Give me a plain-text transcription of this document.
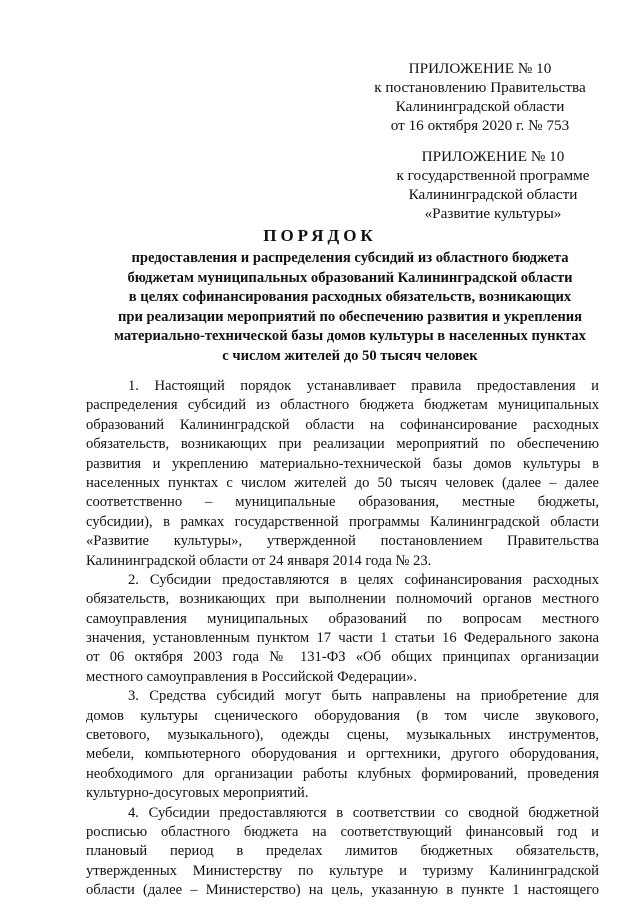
ПРИЛОЖЕНИЕ № 10
к постановлению Правительства
Калининградской области
от 16 октября 2020 г. № 753
ПРИЛОЖЕНИЕ № 10
к государственной программе
Калининградской области
«Развитие культуры»
ПОРЯДОК
предоставления и распределения субсидий из областного бюджета
бюджетам муниципальных образований Калининградской области
в целях софинансирования расходных обязательств, возникающих
при реализации мероприятий по обеспечению развития и укрепления
материально-технической базы домов культуры в населенных пунктах
с числом жителей до 50 тысяч человек
1. Настоящий порядок устанавливает правила предоставления и
распределения субсидий из областного бюджета бюджетам муниципальных
образований Калининградской области на софинансирование расходных
обязательств, возникающих при реализации мероприятий по обеспечению
развития и укреплению материально-технической базы домов культуры в
населенных пунктах с числом жителей до 50 тысяч человек (далее – далее
соответственно – муниципальные образования, местные бюджеты,
субсидии), в рамках государственной программы Калининградской области
«Развитие культуры», утвержденной постановлением Правительства
Калининградской области от 24 января 2014 года № 23.
2. Субсидии предоставляются в целях софинансирования расходных
обязательств, возникающих при выполнении полномочий органов местного
самоуправления муниципальных образований по вопросам местного
значения, установленным пунктом 17 части 1 статьи 16 Федерального закона
от 06 октября 2003 года № 131-ФЗ «Об общих принципах организации
местного самоуправления в Российской Федерации».
3. Средства субсидий могут быть направлены на приобретение для
домов культуры сценического оборудования (в том числе звукового,
светового, музыкального), одежды сцены, музыкальных инструментов,
мебели, компьютерного оборудования и оргтехники, другого оборудования,
необходимого для организации работы клубных формирований, проведения
культурно-досуговых мероприятий.
4. Субсидии предоставляются в соответствии со сводной бюджетной
росписью областного бюджета на соответствующий финансовый год и
плановый период в пределах лимитов бюджетных обязательств,
утвержденных Министерству по культуре и туризму Калининградской
области (далее – Министерство) на цель, указанную в пункте 1 настоящего
